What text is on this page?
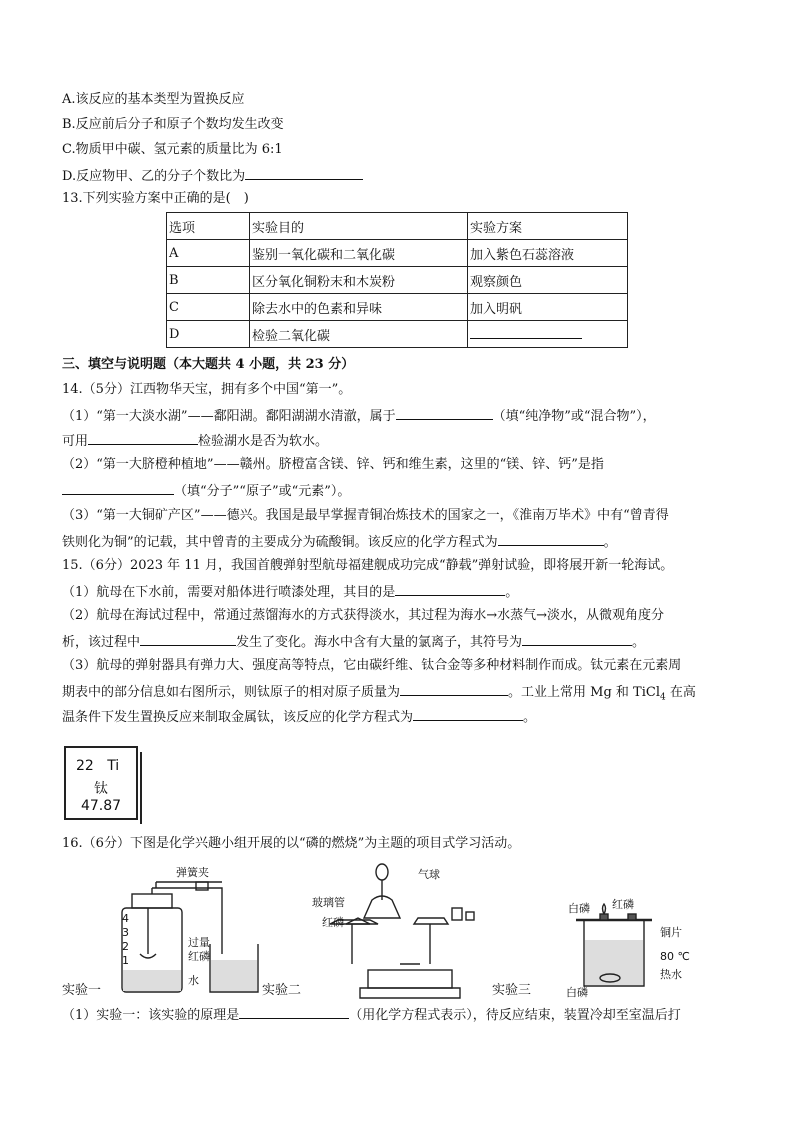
A.该反应的基本类型为置换反应
B.反应前后分子和原子个数均发生改变
C.物质甲中碳、氢元素的质量比为 6:1
D.反应物甲、乙的分子个数比为
13.下列实验方案中正确的是(　)
选项	实验目的	实验方案
A	鉴别一氧化碳和二氧化碳	加入紫色石蕊溶液
B	区分氧化铜粉末和木炭粉	观察颜色
C	除去水中的色素和异味	加入明矾
D	检验二氧化碳	
三、填空与说明题（本大题共 4 小题，共 23 分）
14.（5分）江西物华天宝，拥有多个中国“第一”。
（1）“第一大淡水湖”——鄱阳湖。鄱阳湖湖水清澈，属于	（填“纯净物”或“混合物”），
可用	检验湖水是否为软水。
（2）“第一大脐橙种植地”——赣州。脐橙富含镁、锌、钙和维生素，这里的“镁、锌、钙”是指
（填“分子”“原子”或“元素”）。
（3）“第一大铜矿产区”——德兴。我国是最早掌握青铜冶炼技术的国家之一，《淮南万毕术》中有“曾青得
铁则化为铜”的记载，其中曾青的主要成分为硫酸铜。该反应的化学方程式为	。
15.（6分）2023 年 11 月，我国首艘弹射型航母福建舰成功完成“静载”弹射试验，即将展开新一轮海试。
（1）航母在下水前，需要对船体进行喷漆处理，其目的是	。
（2）航母在海试过程中，常通过蒸馏海水的方式获得淡水，其过程为海水→水蒸气→淡水，从微观角度分
析，该过程中	发生了变化。海水中含有大量的氯离子，其符号为	。
（3）航母的弹射器具有弹力大、强度高等特点，它由碳纤维、钛合金等多种材料制作而成。钛元素在元素周
期表中的部分信息如右图所示，则钛原子的相对原子质量为	。工业上常用 Mg 和 TiCl$_4$ 在高
温条件下发生置换反应来制取金属钛，该反应的化学方程式为	。
22 Ti
钛
47.87
16.（6分）下图是化学兴趣小组开展的以“磷的燃烧”为主题的项目式学习活动。
弹簧夹
过量
红磷
水
4
3
2
1
气球
玻璃管
红磷
白磷 红磷
铜片
80 ℃
热水
白磷
实验一	实验二	实验三
（1）实验一：该实验的原理是	（用化学方程式表示），待反应结束，装置冷却至室温后打
